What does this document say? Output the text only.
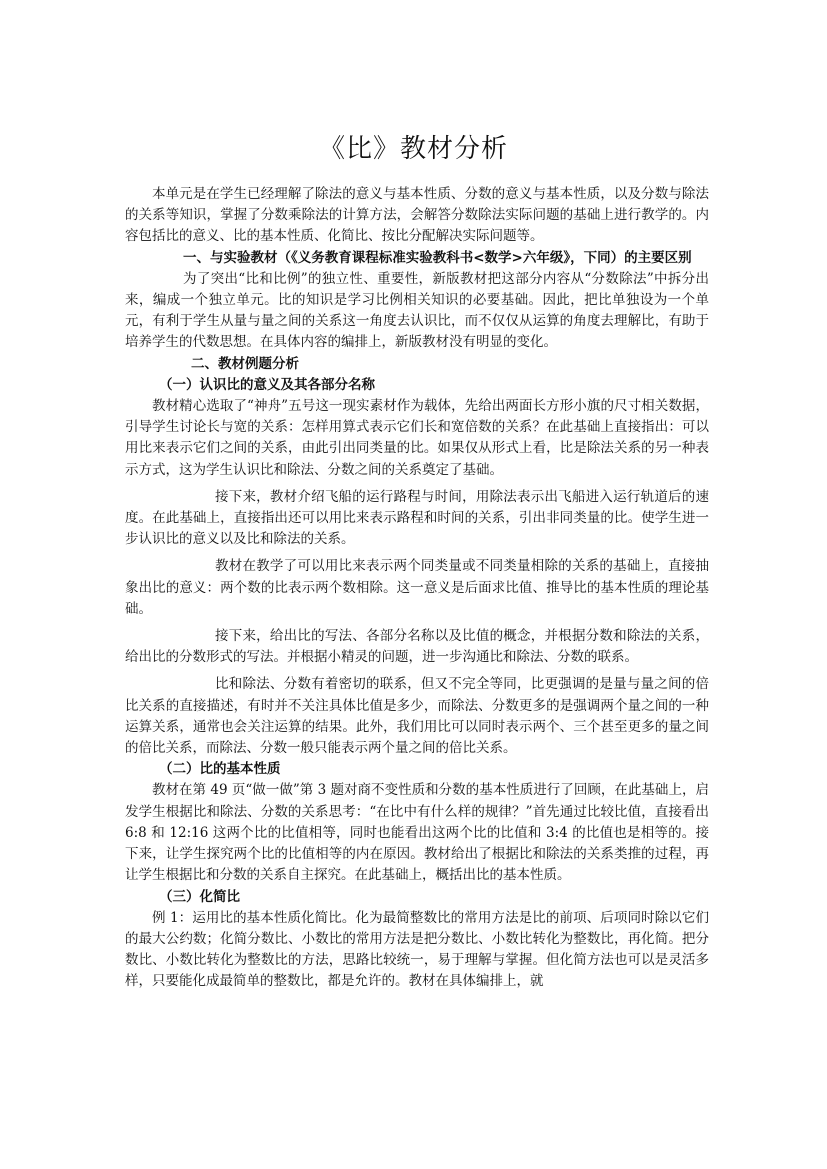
《比》教材分析

本单元是在学生已经理解了除法的意义与基本性质、分数的意义与基本性质，以及分数与除法的关系等知识，掌握了分数乘除法的计算方法，会解答分数除法实际问题的基础上进行教学的。内容包括比的意义、比的基本性质、化简比、按比分配解决实际问题等。

一、与实验教材（《义务教育课程标准实验教科书<数学>六年级》，下同）的主要区别

为了突出“比和比例”的独立性、重要性，新版教材把这部分内容从“分数除法”中拆分出来，编成一个独立单元。比的知识是学习比例相关知识的必要基础。因此，把比单独设为一个单元，有利于学生从量与量之间的关系这一角度去认识比，而不仅仅从运算的角度去理解比，有助于培养学生的代数思想。在具体内容的编排上，新版教材没有明显的变化。

二、教材例题分析

（一）认识比的意义及其各部分名称

教材精心选取了“神舟”五号这一现实素材作为载体，先给出两面长方形小旗的尺寸相关数据，引导学生讨论长与宽的关系：怎样用算式表示它们长和宽倍数的关系？在此基础上直接指出：可以用比来表示它们之间的关系，由此引出同类量的比。如果仅从形式上看，比是除法关系的另一种表示方式，这为学生认识比和除法、分数之间的关系奠定了基础。

接下来，教材介绍飞船的运行路程与时间，用除法表示出飞船进入运行轨道后的速度。在此基础上，直接指出还可以用比来表示路程和时间的关系，引出非同类量的比。使学生进一步认识比的意义以及比和除法的关系。

教材在教学了可以用比来表示两个同类量或不同类量相除的关系的基础上，直接抽象出比的意义：两个数的比表示两个数相除。这一意义是后面求比值、推导比的基本性质的理论基础。

接下来，给出比的写法、各部分名称以及比值的概念，并根据分数和除法的关系，给出比的分数形式的写法。并根据小精灵的问题，进一步沟通比和除法、分数的联系。

比和除法、分数有着密切的联系，但又不完全等同，比更强调的是量与量之间的倍比关系的直接描述，有时并不关注具体比值是多少，而除法、分数更多的是强调两个量之间的一种运算关系，通常也会关注运算的结果。此外，我们用比可以同时表示两个、三个甚至更多的量之间的倍比关系，而除法、分数一般只能表示两个量之间的倍比关系。

（二）比的基本性质

教材在第 49 页“做一做”第 3 题对商不变性质和分数的基本性质进行了回顾，在此基础上，启发学生根据比和除法、分数的关系思考：“在比中有什么样的规律？”首先通过比较比值，直接看出 6:8 和 12:16 这两个比的比值相等，同时也能看出这两个比的比值和 3:4 的比值也是相等的。接下来，让学生探究两个比的比值相等的内在原因。教材给出了根据比和除法的关系类推的过程，再让学生根据比和分数的关系自主探究。在此基础上，概括出比的基本性质。

（三）化简比

例 1：运用比的基本性质化简比。化为最简整数比的常用方法是比的前项、后项同时除以它们的最大公约数；化简分数比、小数比的常用方法是把分数比、小数比转化为整数比，再化简。把分数比、小数比转化为整数比的方法，思路比较统一，易于理解与掌握。但化简方法也可以是灵活多样，只要能化成最简单的整数比，都是允许的。教材在具体编排上，就
